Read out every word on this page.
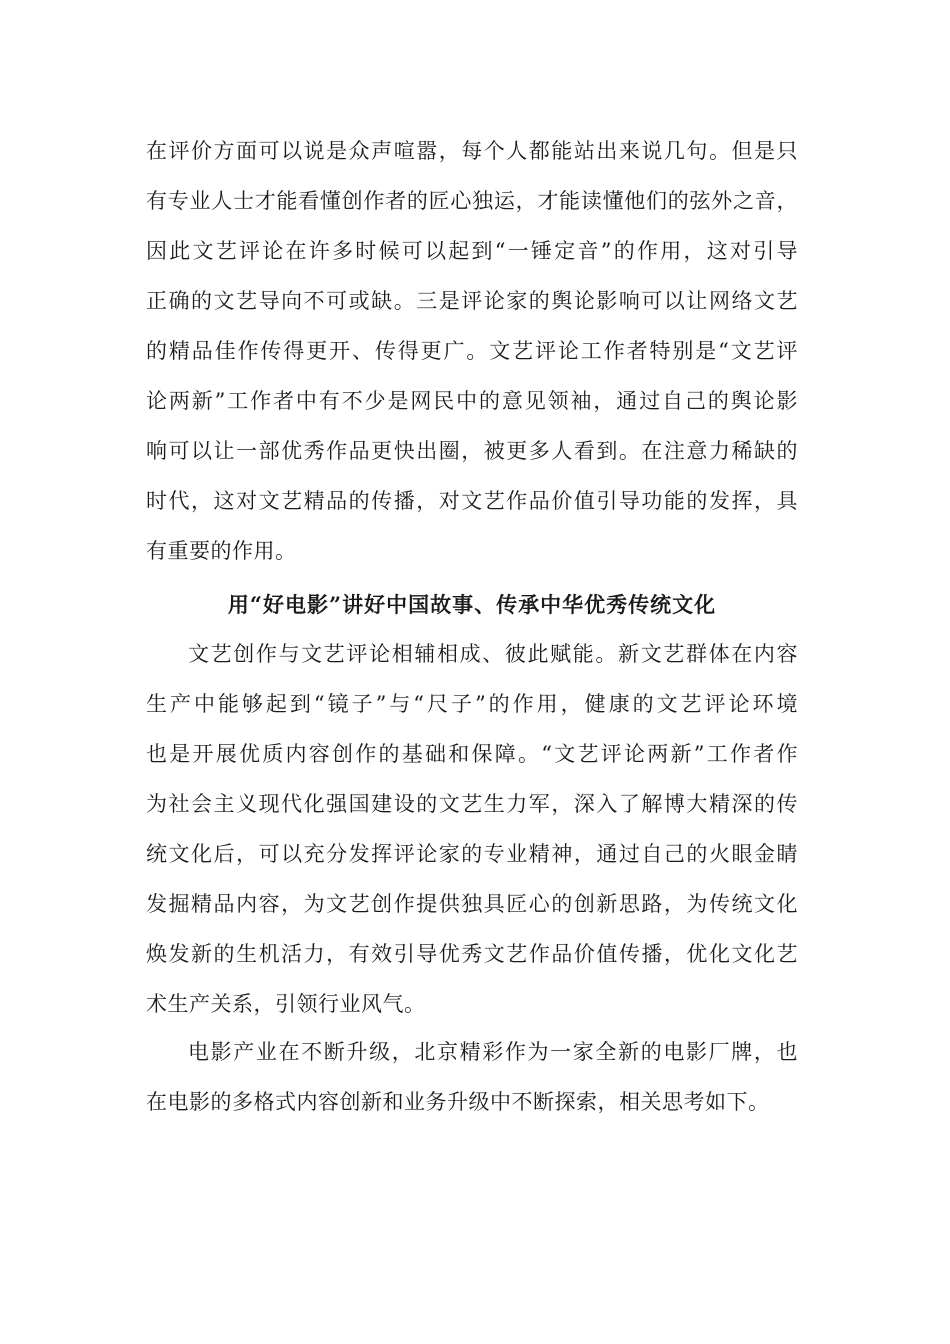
在评价方面可以说是众声喧嚣，每个人都能站出来说几句。但是只
有专业人士才能看懂创作者的匠心独运，才能读懂他们的弦外之音，
因此文艺评论在许多时候可以起到“一锤定音”的作用，这对引导
正确的文艺导向不可或缺。三是评论家的舆论影响可以让网络文艺
的精品佳作传得更开、传得更广。文艺评论工作者特别是“文艺评
论两新”工作者中有不少是网民中的意见领袖，通过自己的舆论影
响可以让一部优秀作品更快出圈，被更多人看到。在注意力稀缺的
时代，这对文艺精品的传播，对文艺作品价值引导功能的发挥，具
有重要的作用。
用“好电影”讲好中国故事、传承中华优秀传统文化
文艺创作与文艺评论相辅相成、彼此赋能。新文艺群体在内容
生产中能够起到“镜子”与“尺子”的作用，健康的文艺评论环境
也是开展优质内容创作的基础和保障。“文艺评论两新”工作者作
为社会主义现代化强国建设的文艺生力军，深入了解博大精深的传
统文化后，可以充分发挥评论家的专业精神，通过自己的火眼金睛
发掘精品内容，为文艺创作提供独具匠心的创新思路，为传统文化
焕发新的生机活力，有效引导优秀文艺作品价值传播，优化文化艺
术生产关系，引领行业风气。
电影产业在不断升级，北京精彩作为一家全新的电影厂牌，也
在电影的多格式内容创新和业务升级中不断探索，相关思考如下。
